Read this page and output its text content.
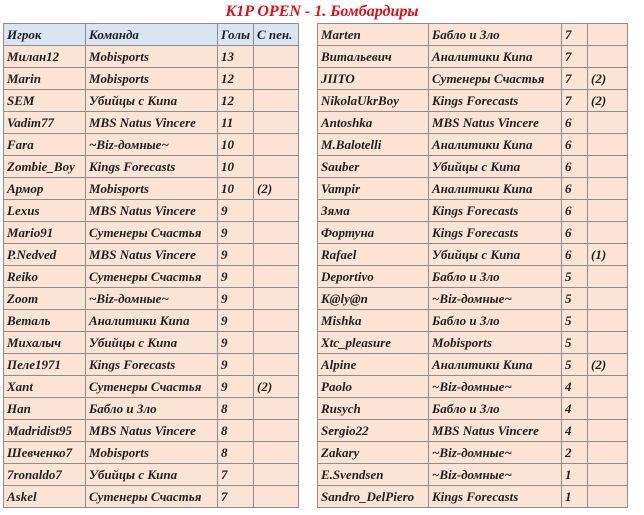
K1P OPEN - 1. Бомбардиры
Игрок	Команда	Голы	С пен.
Милан12	Mobisports	13	
Marin	Mobisports	12	
SEM	Убийцы с Кипа	12	
Vadim77	MBS Natus Vincere	11	
Fara	~Biz-домные~	10	
Zombie_Boy	Kings Forecasts	10	
Армор	Mobisports	10	(2)
Lexus	MBS Natus Vincere	9	
Mario91	Сутенеры Счастья	9	
P.Nedved	MBS Natus Vincere	9	
Reiko	Сутенеры Счастья	9	
Zoom	~Biz-домные~	9	
Веталь	Аналитики Кипа	9	
Михалыч	Убийцы с Кипа	9	
Пеле1971	Kings Forecasts	9	
Xant	Сутенеры Счастья	9	(2)
Han	Бабло и Зло	8	
Madridist95	MBS Natus Vincere	8	
Шевченко7	Mobisports	8	
7ronaldo7	Убийцы с Кипа	7	
Askel	Сутенеры Счастья	7	
Marten	Бабло и Зло	7	
Витальевич	Аналитики Кипа	7	
JIITO	Сутенеры Счастья	7	(2)
NikolaUkrBoy	Kings Forecasts	7	(2)
Antoshka	MBS Natus Vincere	6	
M.Balotelli	Аналитики Кипа	6	
Sauber	Убийцы с Кипа	6	
Vampir	Аналитики Кипа	6	
Зяма	Kings Forecasts	6	
Фортуна	Kings Forecasts	6	
Rafael	Убийцы с Кипа	6	(1)
Deportivo	Бабло и Зло	5	
K@ly@n	~Biz-домные~	5	
Mishka	Бабло и Зло	5	
Xtc_pleasure	Mobisports	5	
Alpine	Аналитики Кипа	5	(2)
Paolo	~Biz-домные~	4	
Rusych	Бабло и Зло	4	
Sergio22	MBS Natus Vincere	4	
Zakary	~Biz-домные~	2	
E.Svendsen	~Biz-домные~	1	
Sandro_DelPiero	Kings Forecasts	1	
